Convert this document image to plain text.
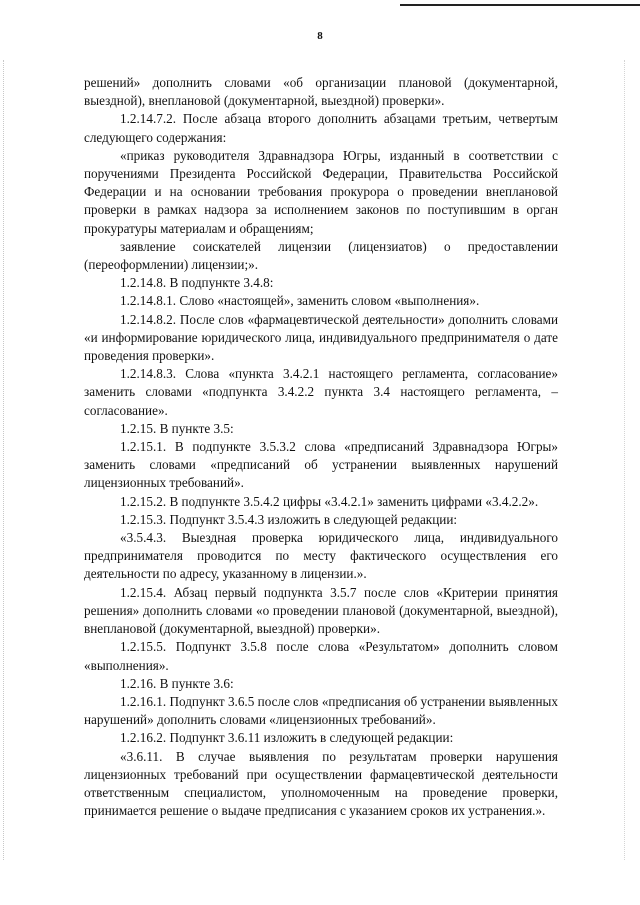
8

решений» дополнить словами «об организации плановой (документарной, выездной), внеплановой (документарной, выездной) проверки».

1.2.14.7.2. После абзаца второго дополнить абзацами третьим, четвертым следующего содержания:

«приказ руководителя Здравнадзора Югры, изданный в соответствии с поручениями Президента Российской Федерации, Правительства Российской Федерации и на основании требования прокурора о проведении внеплановой проверки в рамках надзора за исполнением законов по поступившим в орган прокуратуры материалам и обращениям;

заявление соискателей лицензии (лицензиатов) о предоставлении (переоформлении) лицензии;».

1.2.14.8. В подпункте 3.4.8:

1.2.14.8.1. Слово «настоящей», заменить словом «выполнения».

1.2.14.8.2. После слов «фармацевтической деятельности» дополнить словами «и информирование юридического лица, индивидуального предпринимателя о дате проведения проверки».

1.2.14.8.3. Слова «пункта 3.4.2.1 настоящего регламента, согласование» заменить словами «подпункта 3.4.2.2 пункта 3.4 настоящего регламента, – согласование».

1.2.15. В пункте 3.5:

1.2.15.1. В подпункте 3.5.3.2 слова «предписаний Здравнадзора Югры» заменить словами «предписаний об устранении выявленных нарушений лицензионных требований».

1.2.15.2. В подпункте 3.5.4.2 цифры «3.4.2.1» заменить цифрами «3.4.2.2».

1.2.15.3. Подпункт 3.5.4.3 изложить в следующей редакции:

«3.5.4.3. Выездная проверка юридического лица, индивидуального предпринимателя проводится по месту фактического осуществления его деятельности по адресу, указанному в лицензии.».

1.2.15.4. Абзац первый подпункта 3.5.7 после слов «Критерии принятия решения» дополнить словами «о проведении плановой (документарной, выездной), внеплановой (документарной, выездной) проверки».

1.2.15.5. Подпункт 3.5.8 после слова «Результатом» дополнить словом «выполнения».

1.2.16. В пункте 3.6:

1.2.16.1. Подпункт 3.6.5 после слов «предписания об устранении выявленных нарушений» дополнить словами «лицензионных требований».

1.2.16.2. Подпункт 3.6.11 изложить в следующей редакции:

«3.6.11. В случае выявления по результатам проверки нарушения лицензионных требований при осуществлении фармацевтической деятельности ответственным специалистом, уполномоченным на проведение проверки, принимается решение о выдаче предписания с указанием сроков их устранения.».
